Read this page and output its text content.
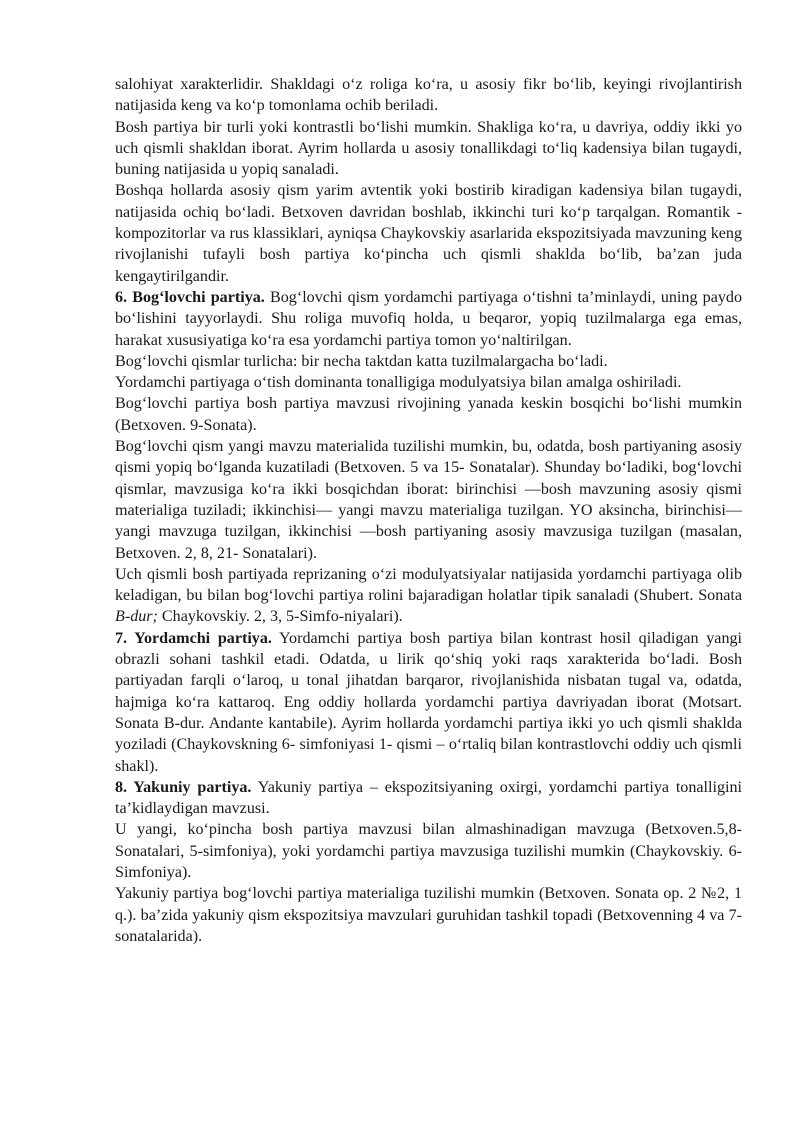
salohiyat xarakterlidir. Shakldagi o‘z roliga ko‘ra, u asosiy fikr bo‘lib, keyingi rivojlantirish natijasida keng va ko‘p tomonlama ochib beriladi.

Bosh partiya bir turli yoki kontrastli bo‘lishi mumkin. Shakliga ko‘ra, u davriya, oddiy ikki yo uch qismli shakldan iborat. Ayrim hollarda u asosiy tonallikdagi to‘liq kadensiya bilan tugaydi, buning natijasida u yopiq sanaladi.

Boshqa hollarda asosiy qism yarim avtentik yoki bostirib kiradigan kadensiya bilan tugaydi, natijasida ochiq bo‘ladi. Betxoven davridan boshlab, ikkinchi turi ko‘p tarqalgan. Romantik - kompozitorlar va rus klassiklari, ayniqsa Chaykovskiy asarlarida ekspozitsiyada mavzuning keng rivojlanishi tufayli bosh partiya ko‘pincha uch qismli shaklda bo‘lib, ba’zan juda kengaytirilgandir.

6. Bog‘lovchi partiya. Bog‘lovchi qism yordamchi partiyaga o‘tishni ta’minlaydi, uning paydo bo‘lishini tayyorlaydi. Shu roliga muvofiq holda, u beqaror, yopiq tuzilmalarga ega emas, harakat xususiyatiga ko‘ra esa yordamchi partiya tomon yo‘naltirilgan.

Bog‘lovchi qismlar turlicha: bir necha taktdan katta tuzilmalargacha bo‘ladi.

Yordamchi partiyaga o‘tish dominanta tonalligiga modulyatsiya bilan amalga oshiriladi.

Bog‘lovchi partiya bosh partiya mavzusi rivojining yanada keskin bosqichi bo‘lishi mumkin (Betxoven. 9-Sonata).

Bog‘lovchi qism yangi mavzu materialida tuzilishi mumkin, bu, odatda, bosh partiyaning asosiy qismi yopiq bo‘lganda kuzatiladi (Betxoven. 5 va 15- Sonatalar). Shunday bo‘ladiki, bog‘lovchi qismlar, mavzusiga ko‘ra ikki bosqichdan iborat: birinchisi —bosh mavzuning asosiy qismi materialiga tuziladi; ikkinchisi— yangi mavzu materialiga tuzilgan. YO aksincha, birinchisi— yangi mavzuga tuzilgan, ikkinchisi —bosh partiyaning asosiy mavzusiga tuzilgan (masalan, Betxoven. 2, 8, 21- Sonatalari).

Uch qismli bosh partiyada reprizaning o‘zi modulyatsiyalar natijasida yordamchi partiyaga olib keladigan, bu bilan bog‘lovchi partiya rolini bajaradigan holatlar tipik sanaladi (Shubert. Sonata B-dur; Chaykovskiy. 2, 3, 5-Simfo-niyalari).

7. Yordamchi partiya. Yordamchi partiya bosh partiya bilan kontrast hosil qiladigan yangi obrazli sohani tashkil etadi. Odatda, u lirik qo‘shiq yoki raqs xarakterida bo‘ladi. Bosh partiyadan farqli o‘laroq, u tonal jihatdan barqaror, rivojlanishida nisbatan tugal va, odatda, hajmiga ko‘ra kattaroq. Eng oddiy hollarda yordamchi partiya davriyadan iborat (Motsart. Sonata B-dur. Andante kantabile). Ayrim hollarda yordamchi partiya ikki yo uch qismli shaklda yoziladi (Chaykovskning 6- simfoniyasi 1- qismi – o‘rtaliq bilan kontrastlovchi oddiy uch qismli shakl).

8. Yakuniy partiya. Yakuniy partiya – ekspozitsiyaning oxirgi, yordamchi partiya tonalligini ta’kidlaydigan mavzusi.

U yangi, ko‘pincha bosh partiya mavzusi bilan almashinadigan mavzuga (Betxoven.5,8- Sonatalari, 5-simfoniya), yoki yordamchi partiya mavzusiga tuzilishi mumkin (Chaykovskiy. 6- Simfoniya).

Yakuniy partiya bog‘lovchi partiya materialiga tuzilishi mumkin (Betxoven. Sonata op. 2 №2, 1 q.). ba’zida yakuniy qism ekspozitsiya mavzulari guruhidan tashkil topadi (Betxovenning 4 va 7- sonatalarida).
